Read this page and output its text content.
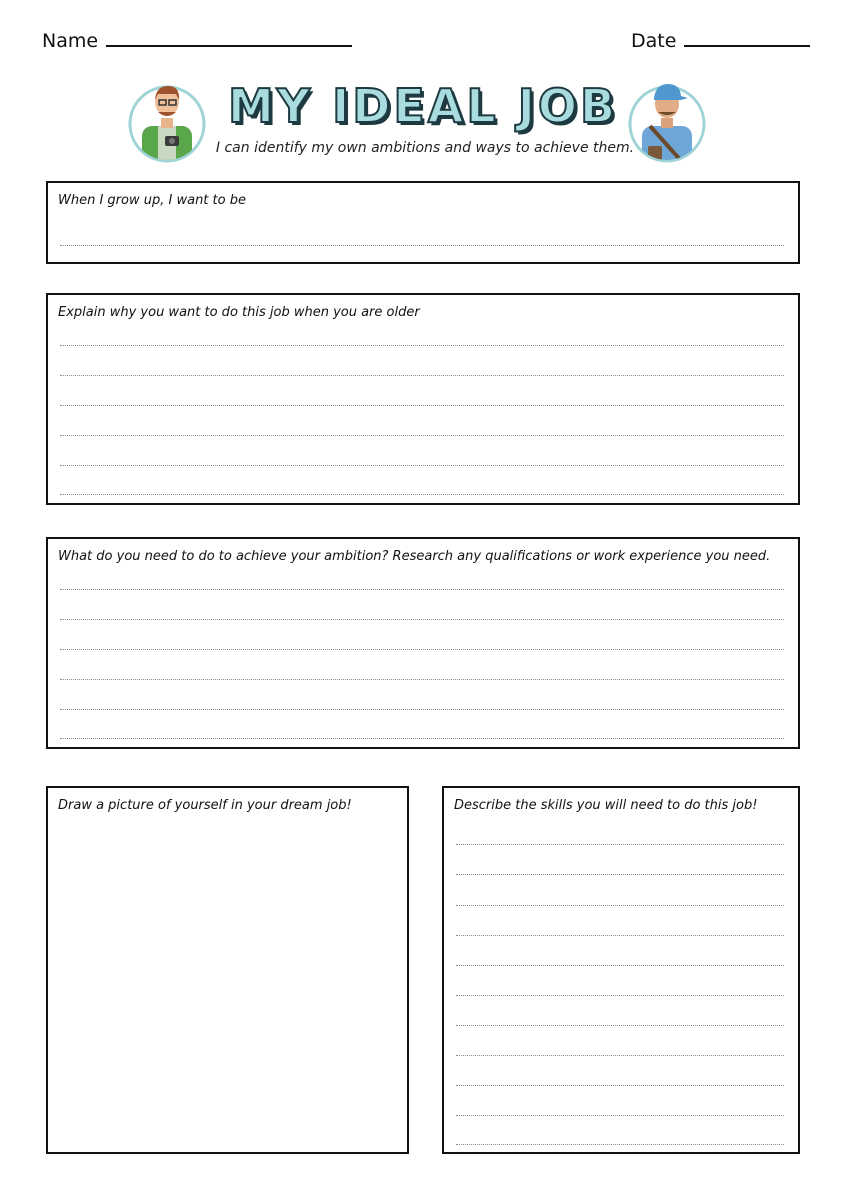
Name	Date
MY IDEAL JOB
I can identify my own ambitions and ways to achieve them.
When I grow up, I want to be
Explain why you want to do this job when you are older
What do you need to do to achieve your ambition? Research any qualifications or work experience you need.
Draw a picture of yourself in your dream job!	Describe the skills you will need to do this job!
